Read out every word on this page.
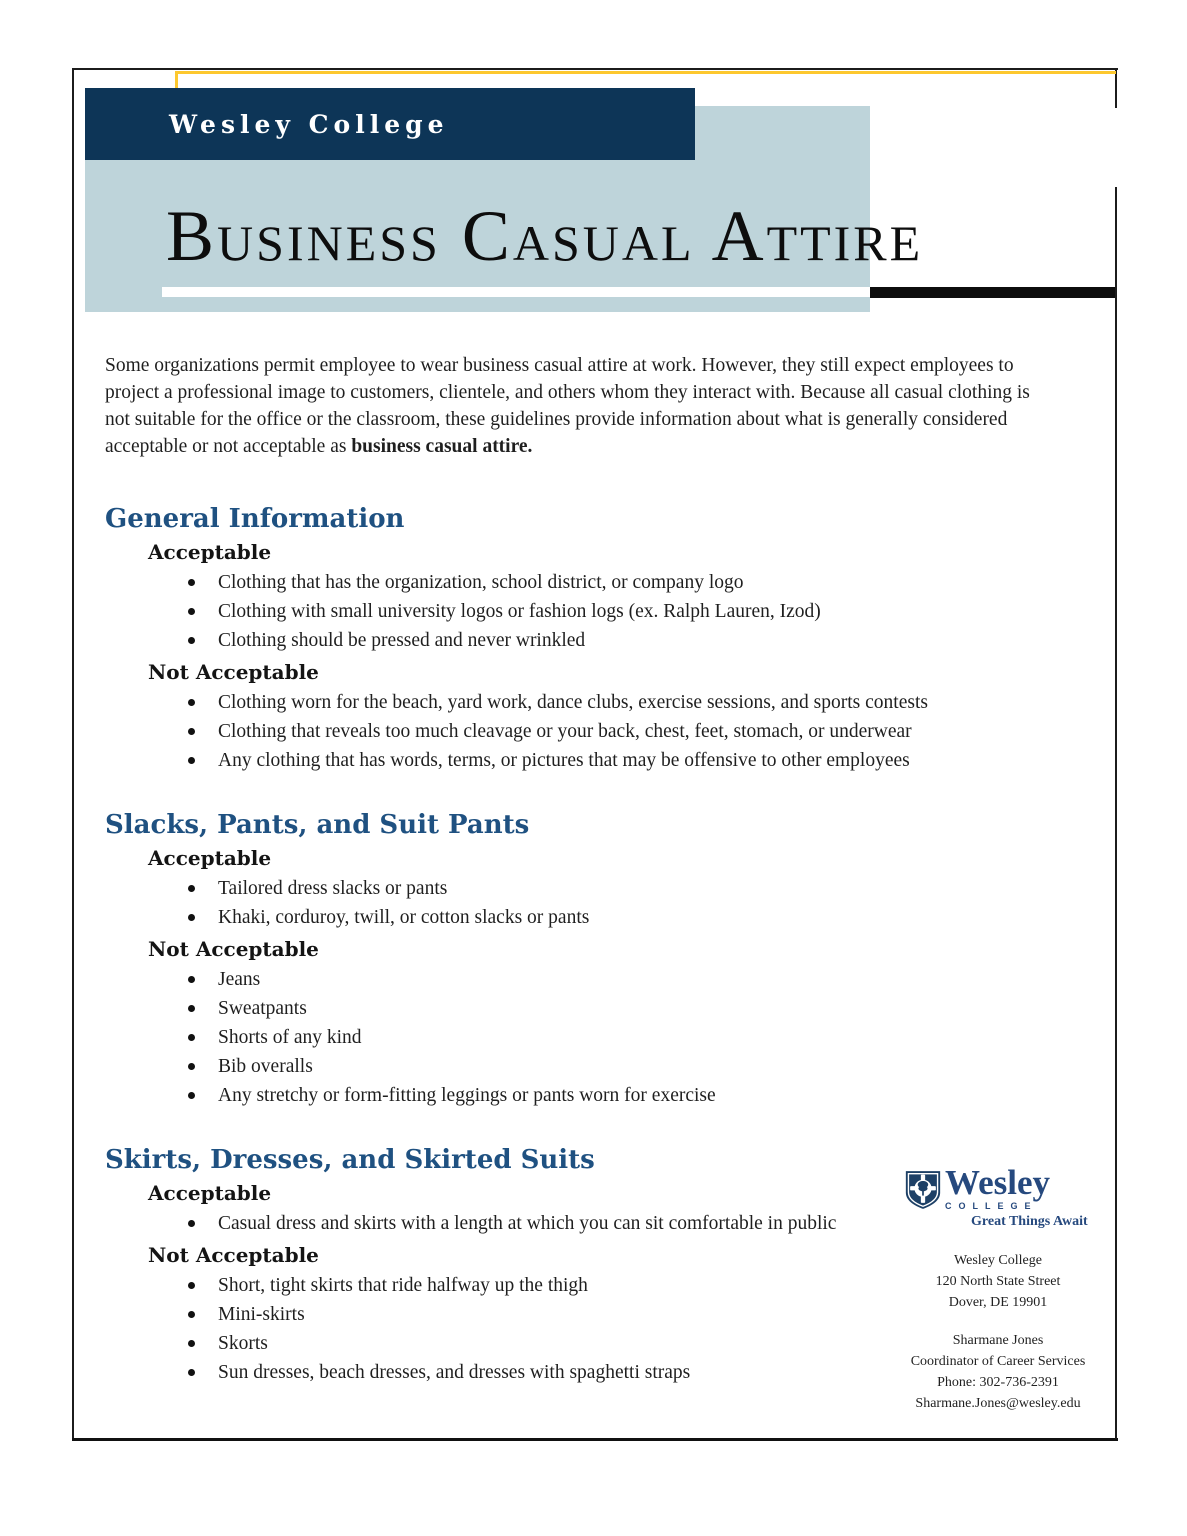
Wesley College
Business Casual Attire

Some organizations permit employee to wear business casual attire at work. However, they still expect employees to project a professional image to customers, clientele, and others whom they interact with. Because all casual clothing is not suitable for the office or the classroom, these guidelines provide information about what is generally considered acceptable or not acceptable as business casual attire.

General Information
Acceptable
Clothing that has the organization, school district, or company logo
Clothing with small university logos or fashion logs (ex. Ralph Lauren, Izod)
Clothing should be pressed and never wrinkled
Not Acceptable
Clothing worn for the beach, yard work, dance clubs, exercise sessions, and sports contests
Clothing that reveals too much cleavage or your back, chest, feet, stomach, or underwear
Any clothing that has words, terms, or pictures that may be offensive to other employees
Slacks, Pants, and Suit Pants
Acceptable
Tailored dress slacks or pants
Khaki, corduroy, twill, or cotton slacks or pants
Not Acceptable
Jeans
Sweatpants
Shorts of any kind
Bib overalls
Any stretchy or form-fitting leggings or pants worn for exercise
Skirts, Dresses, and Skirted Suits
Acceptable
Casual dress and skirts with a length at which you can sit comfortable in public
Not Acceptable
Short, tight skirts that ride halfway up the thigh
Mini-skirts
Skorts
Sun dresses, beach dresses, and dresses with spaghetti straps
Wesley
COLLEGE
Great Things Await
Wesley College
120 North State Street
Dover, DE 19901
Sharmane Jones
Coordinator of Career Services
Phone: 302-736-2391
Sharmane.Jones@wesley.edu
